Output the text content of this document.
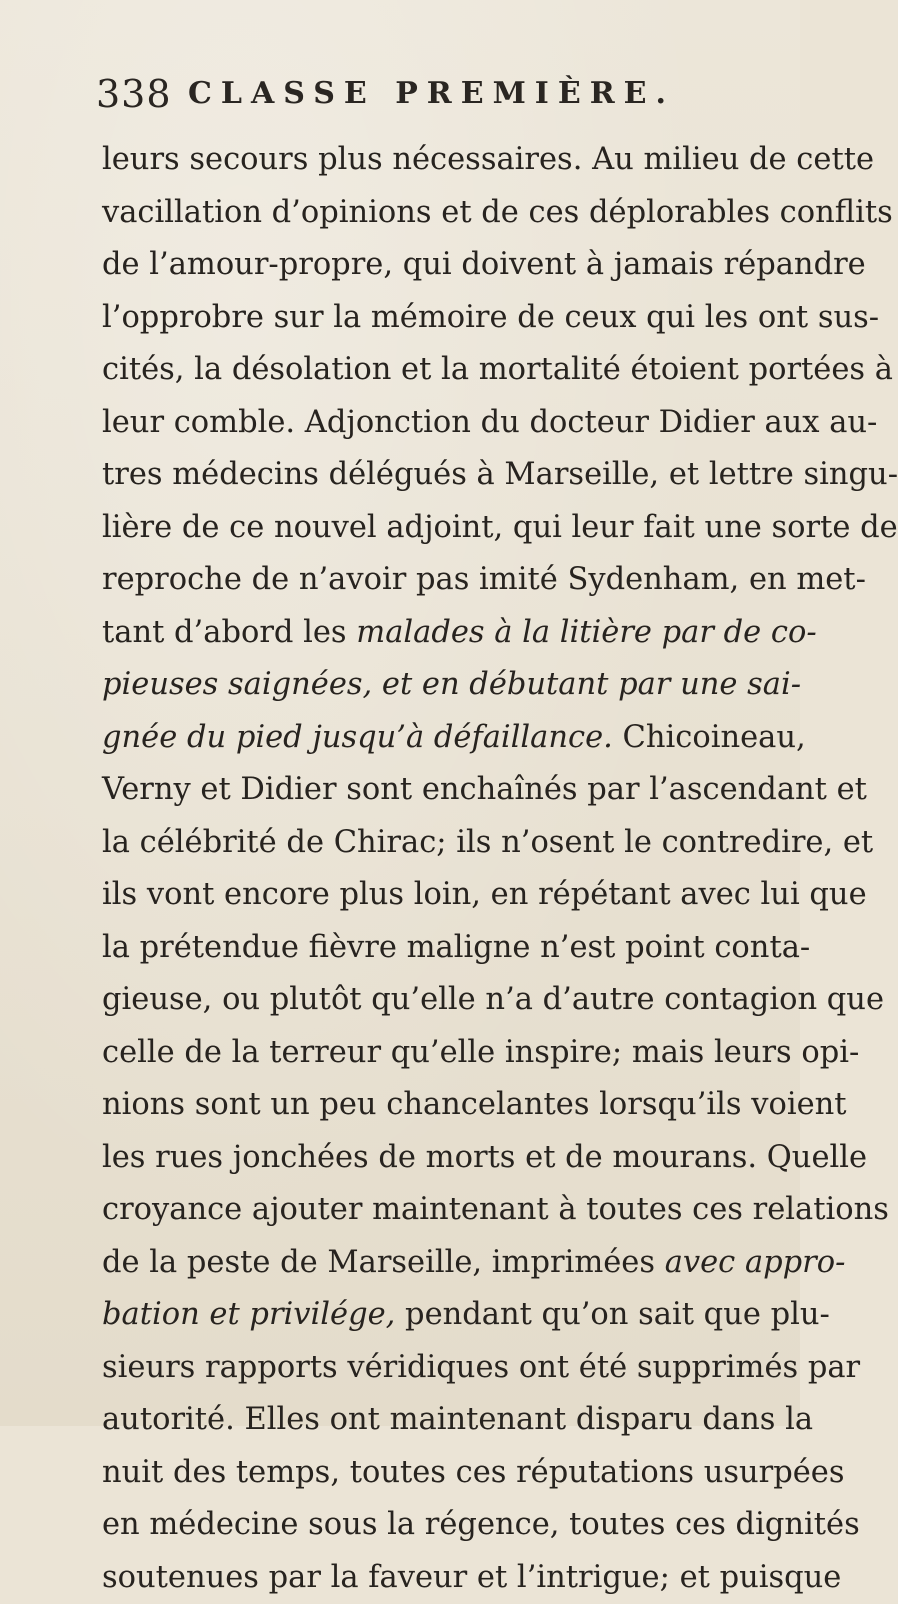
338 CLASSE PREMIÈRE.
leurs secours plus nécessaires. Au milieu de cette
vacillation d’opinions et de ces déplorables conflits
de l’amour-propre, qui doivent à jamais répandre
l’opprobre sur la mémoire de ceux qui les ont sus-
cités, la désolation et la mortalité étoient portées à
leur comble. Adjonction du docteur Didier aux au-
tres médecins délégués à Marseille, et lettre singu-
lière de ce nouvel adjoint, qui leur fait une sorte de
reproche de n’avoir pas imité Sydenham, en met-
tant d’abord les malades à la litière par de co-
pieuses saignées, et en débutant par une sai-
gnée du pied jusqu’à défaillance. Chicoineau,
Verny et Didier sont enchaînés par l’ascendant et
la célébrité de Chirac; ils n’osent le contredire, et
ils vont encore plus loin, en répétant avec lui que
la prétendue fièvre maligne n’est point conta-
gieuse, ou plutôt qu’elle n’a d’autre contagion que
celle de la terreur qu’elle inspire; mais leurs opi-
nions sont un peu chancelantes lorsqu’ils voient
les rues jonchées de morts et de mourans. Quelle
croyance ajouter maintenant à toutes ces relations
de la peste de Marseille, imprimées avec appro-
bation et privilége, pendant qu’on sait que plu-
sieurs rapports véridiques ont été supprimés par
autorité. Elles ont maintenant disparu dans la
nuit des temps, toutes ces réputations usurpées
en médecine sous la régence, toutes ces dignités
soutenues par la faveur et l’intrigue; et puisque
